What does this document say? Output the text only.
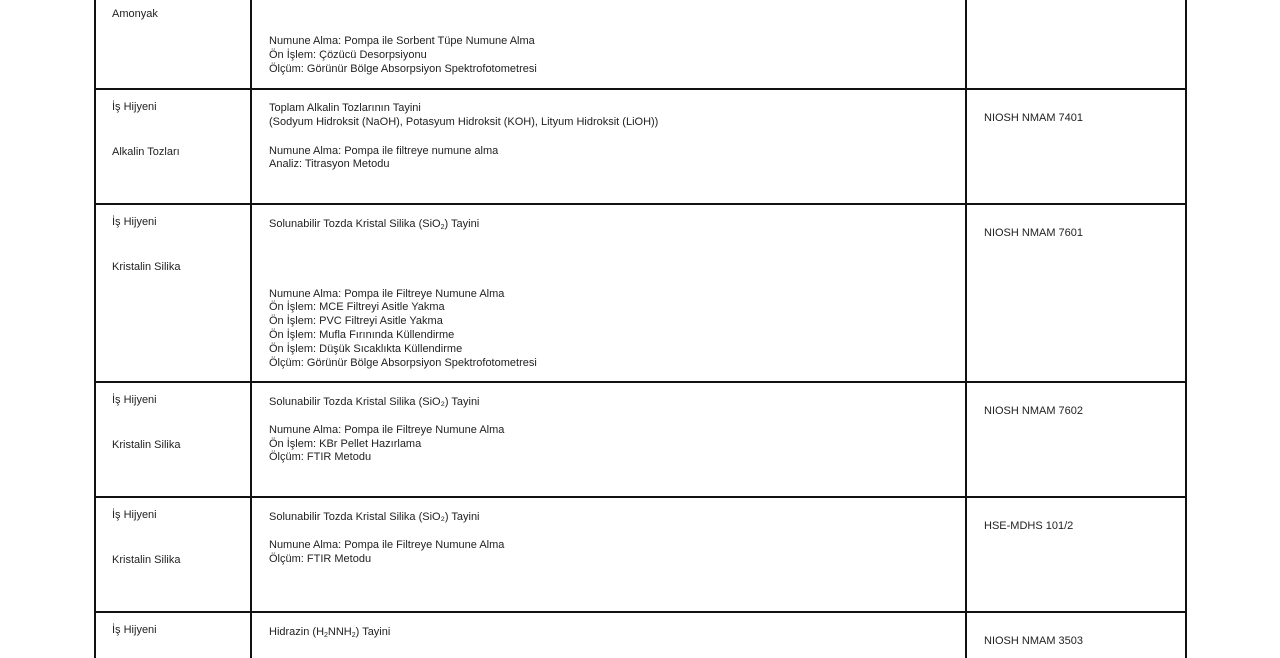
Amonyak
Numune Alma: Pompa ile Sorbent Tüpe Numune Alma
Ön İşlem: Çözücü Desorpsiyonu
Ölçüm: Görünür Bölge Absorpsiyon Spektrofotometresi
İş Hijyeni
Alkalin Tozları
Toplam Alkalin Tozlarının Tayini
(Sodyum Hidroksit (NaOH), Potasyum Hidroksit (KOH), Lityum Hidroksit (LiOH))
Numune Alma: Pompa ile filtreye numune alma
Analiz: Titrasyon Metodu
NIOSH NMAM 7401
İş Hijyeni
Kristalin Silika
Solunabilir Tozda Kristal Silika (SiO$_2$) Tayini
Numune Alma: Pompa ile Filtreye Numune Alma
Ön İşlem: MCE Filtreyi Asitle Yakma
Ön İşlem: PVC Filtreyi Asitle Yakma
Ön İşlem: Mufla Fırınında Küllendirme
Ön İşlem: Düşük Sıcaklıkta Küllendirme
Ölçüm: Görünür Bölge Absorpsiyon Spektrofotometresi
NIOSH NMAM 7601
İş Hijyeni
Kristalin Silika
Solunabilir Tozda Kristal Silika (SiO₂) Tayini
Numune Alma: Pompa ile Filtreye Numune Alma
Ön İşlem: KBr Pellet Hazırlama
Ölçüm: FTIR Metodu
NIOSH NMAM 7602
İş Hijyeni
Kristalin Silika
Solunabilir Tozda Kristal Silika (SiO₂) Tayini
Numune Alma: Pompa ile Filtreye Numune Alma
Ölçüm: FTIR Metodu
HSE-MDHS 101/2
İş Hijyeni	Hidrazin $(H_2NNH_2)$ Tayini
NIOSH NMAM 3503
